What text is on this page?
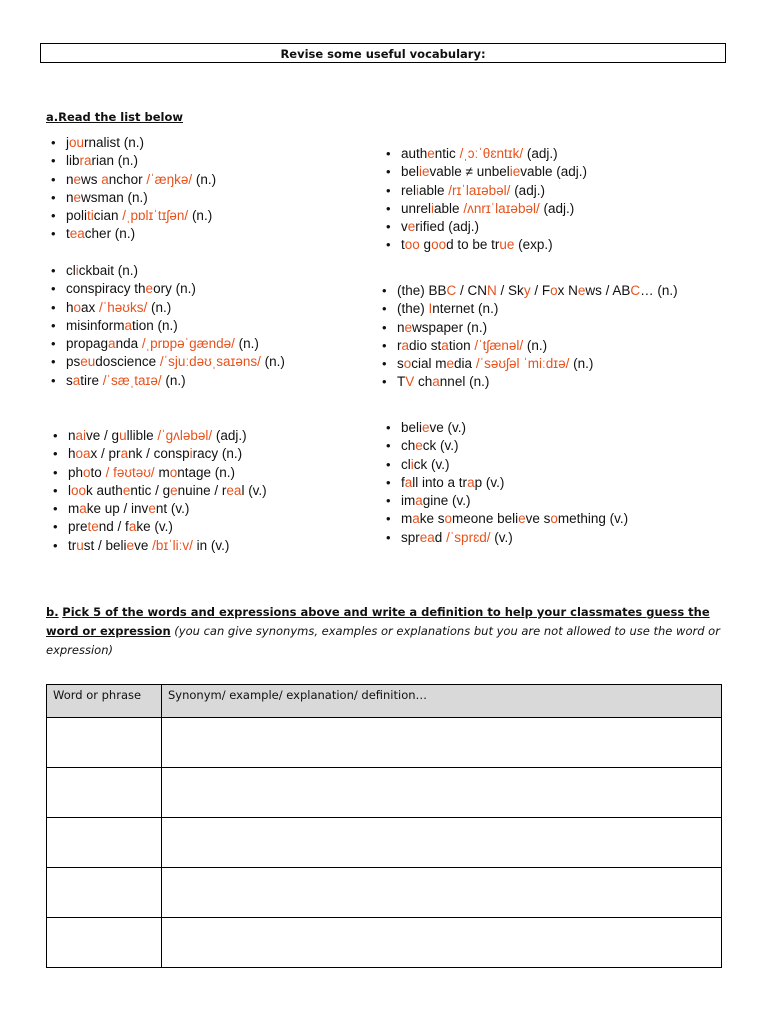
Revise some useful vocabulary:
a.Read the list below
• journalist (n.)
• librarian (n.)
• news anchor /ˈæŋkə/ (n.)
• newsman (n.)
• politician /ˌpɒlɪˈtɪʃən/ (n.)
• teacher (n.)
• clickbait (n.)
• conspiracy theory (n.)
• hoax /ˈhəʊks/ (n.)
• misinformation (n.)
• propaganda /ˌprɒpəˈgændə/ (n.)
• pseudoscience /ˈsjuːdəʊˌsaɪəns/ (n.)
• satire /ˈsæˌtaɪə/ (n.)
• naive / gullible /ˈgʌləbəl/ (adj.)
• hoax / prank / conspiracy (n.)
• photo / fəʊtəʊ/ montage (n.)
• look authentic / genuine / real (v.)
• make up / invent (v.)
• pretend / fake (v.)
• trust / believe /bɪˈliːv/ in (v.)
• authentic /ˌɔːˈθɛntɪk/ (adj.)
• believable ≠ unbelievable (adj.)
• reliable /rɪˈlaɪəbəl/ (adj.)
• unreliable /ʌnrɪˈlaɪəbəl/ (adj.)
• verified (adj.)
• too good to be true (exp.)
• (the) BBC / CNN / Sky / Fox News / ABC… (n.)
• (the) Internet (n.)
• newspaper (n.)
• radio station /ˈtʃænəl/ (n.)
• social media /ˈsəʊʃəl ˈmiːdɪə/ (n.)
• TV channel (n.)
• believe (v.)
• check (v.)
• click (v.)
• fall into a trap (v.)
• imagine (v.)
• make someone believe something (v.)
• spread /ˈsprɛd/ (v.)
b. Pick 5 of the words and expressions above and write a definition to help your classmates guess the word or expression (you can give synonyms, examples or explanations but you are not allowed to use the word or expression)
Word or phrase	Synonym/ example/ explanation/ definition…
